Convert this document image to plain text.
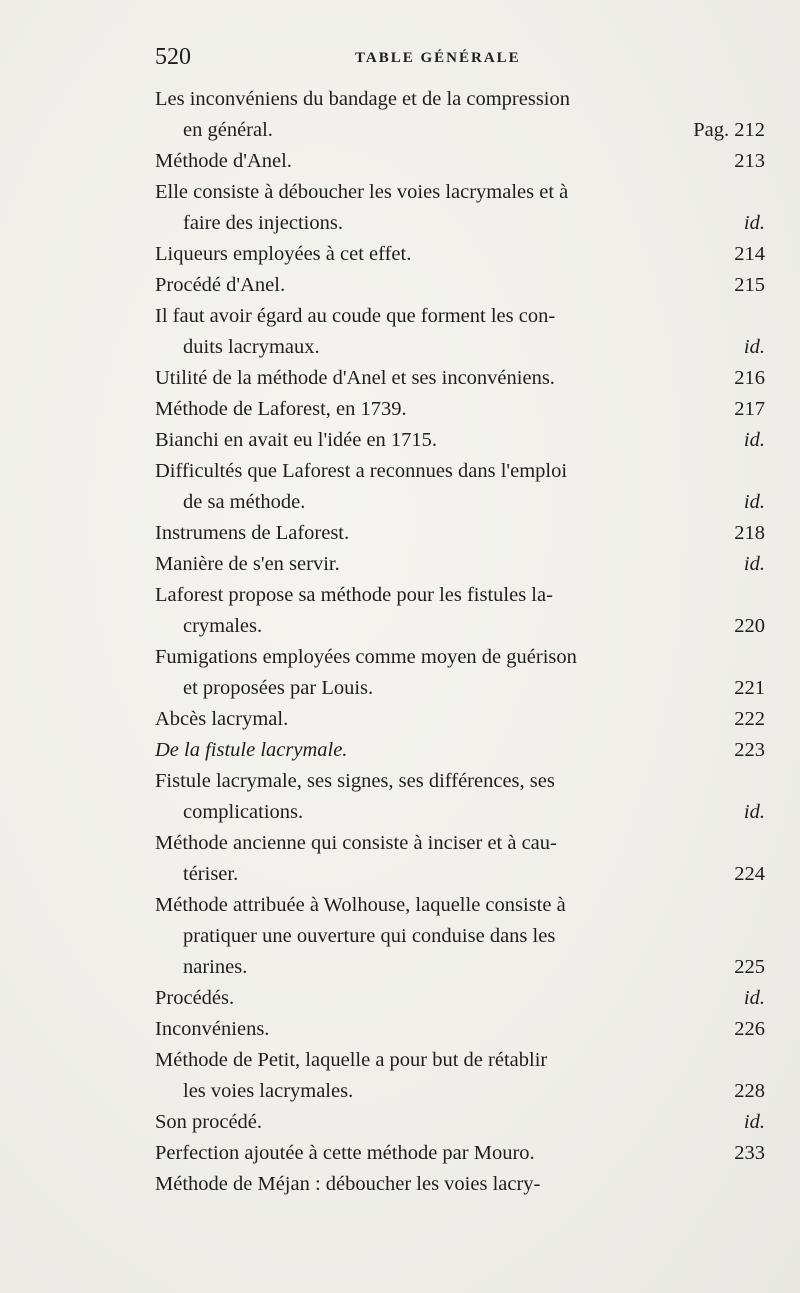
520	TABLE GÉNÉRALE
Les inconvéniens du bandage et de la compression
en général.	Pag. 212
Méthode d'Anel.	213
Elle consiste à déboucher les voies lacrymales et à
faire des injections.	id.
Liqueurs employées à cet effet.	214
Procédé d'Anel.	215
Il faut avoir égard au coude que forment les con-
duits lacrymaux.	id.
Utilité de la méthode d'Anel et ses inconvéniens.	216
Méthode de Laforest, en 1739.	217
Bianchi en avait eu l'idée en 1715.	id.
Difficultés que Laforest a reconnues dans l'emploi
de sa méthode.	id.
Instrumens de Laforest.	218
Manière de s'en servir.	id.
Laforest propose sa méthode pour les fistules la-
crymales.	220
Fumigations employées comme moyen de guérison
et proposées par Louis.	221
Abcès lacrymal.	222
De la fistule lacrymale.	223
Fistule lacrymale, ses signes, ses différences, ses
complications.	id.
Méthode ancienne qui consiste à inciser et à cau-
tériser.	224
Méthode attribuée à Wolhouse, laquelle consiste à
pratiquer une ouverture qui conduise dans les
narines.	225
Procédés.	id.
Inconvéniens.	226
Méthode de Petit, laquelle a pour but de rétablir
les voies lacrymales.	228
Son procédé.	id.
Perfection ajoutée à cette méthode par Mouro.	233
Méthode de Méjan : déboucher les voies lacry-
